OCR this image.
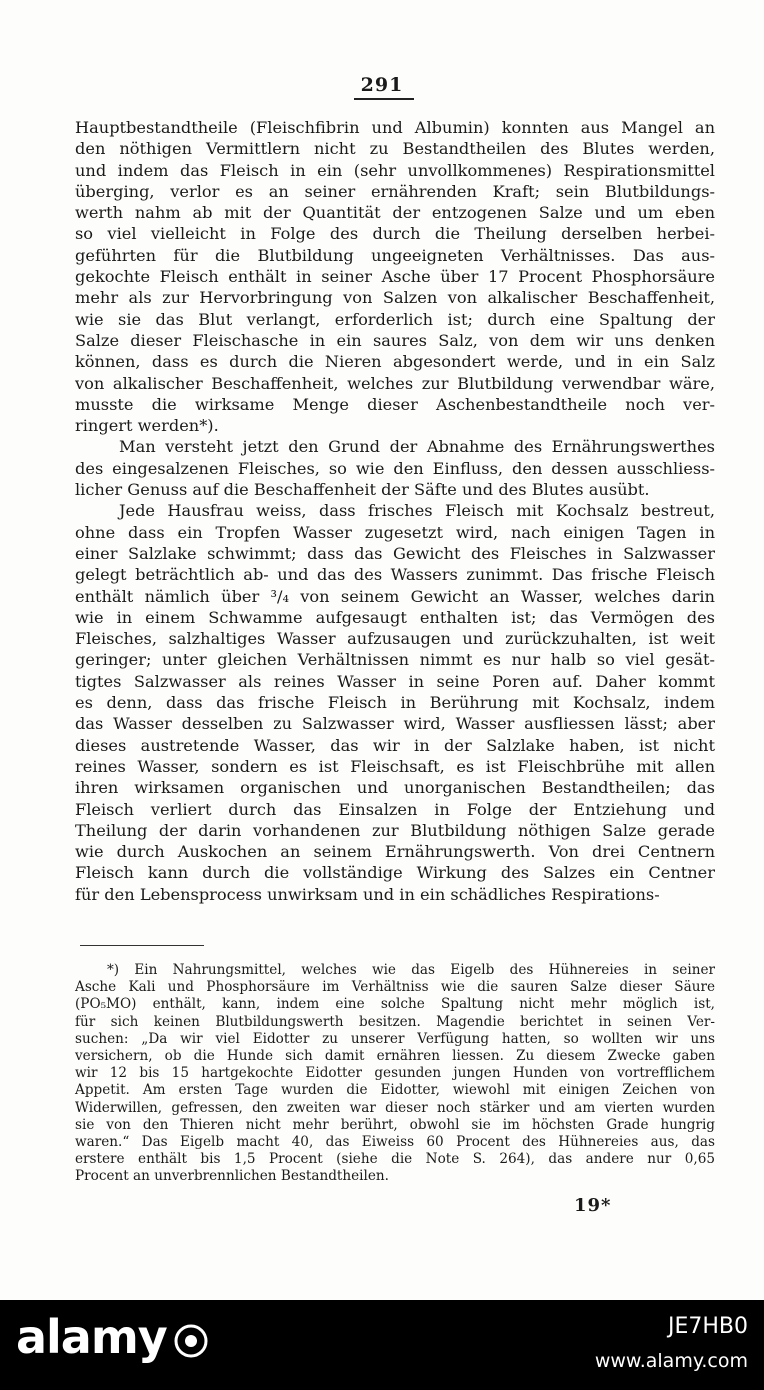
291
Hauptbestandtheile (Fleischfibrin und Albumin) konnten aus Mangel an
den nöthigen Vermittlern nicht zu Bestandtheilen des Blutes werden,
und indem das Fleisch in ein (sehr unvollkommenes) Respirationsmittel
überging, verlor es an seiner ernährenden Kraft; sein Blutbildungs-
werth nahm ab mit der Quantität der entzogenen Salze und um eben
so viel vielleicht in Folge des durch die Theilung derselben herbei-
geführten für die Blutbildung ungeeigneten Verhältnisses. Das aus-
gekochte Fleisch enthält in seiner Asche über 17 Procent Phosphorsäure
mehr als zur Hervorbringung von Salzen von alkalischer Beschaffenheit,
wie sie das Blut verlangt, erforderlich ist; durch eine Spaltung der
Salze dieser Fleischasche in ein saures Salz, von dem wir uns denken
können, dass es durch die Nieren abgesondert werde, und in ein Salz
von alkalischer Beschaffenheit, welches zur Blutbildung verwendbar wäre,
musste die wirksame Menge dieser Aschenbestandtheile noch ver-
ringert werden*).
Man versteht jetzt den Grund der Abnahme des Ernährungswerthes
des eingesalzenen Fleisches, so wie den Einfluss, den dessen ausschliess-
licher Genuss auf die Beschaffenheit der Säfte und des Blutes ausübt.
Jede Hausfrau weiss, dass frisches Fleisch mit Kochsalz bestreut,
ohne dass ein Tropfen Wasser zugesetzt wird, nach einigen Tagen in
einer Salzlake schwimmt; dass das Gewicht des Fleisches in Salzwasser
gelegt beträchtlich ab- und das des Wassers zunimmt. Das frische Fleisch
enthält nämlich über ³/₄ von seinem Gewicht an Wasser, welches darin
wie in einem Schwamme aufgesaugt enthalten ist; das Vermögen des
Fleisches, salzhaltiges Wasser aufzusaugen und zurückzuhalten, ist weit
geringer; unter gleichen Verhältnissen nimmt es nur halb so viel gesät-
tigtes Salzwasser als reines Wasser in seine Poren auf. Daher kommt
es denn, dass das frische Fleisch in Berührung mit Kochsalz, indem
das Wasser desselben zu Salzwasser wird, Wasser ausfliessen lässt; aber
dieses austretende Wasser, das wir in der Salzlake haben, ist nicht
reines Wasser, sondern es ist Fleischsaft, es ist Fleischbrühe mit allen
ihren wirksamen organischen und unorganischen Bestandtheilen; das
Fleisch verliert durch das Einsalzen in Folge der Entziehung und
Theilung der darin vorhandenen zur Blutbildung nöthigen Salze gerade
wie durch Auskochen an seinem Ernährungswerth. Von drei Centnern
Fleisch kann durch die vollständige Wirkung des Salzes ein Centner
für den Lebensprocess unwirksam und in ein schädliches Respirations-
*) Ein Nahrungsmittel, welches wie das Eigelb des Hühnereies in seiner
Asche Kali und Phosphorsäure im Verhältniss wie die sauren Salze dieser Säure
(PO₅MO) enthält, kann, indem eine solche Spaltung nicht mehr möglich ist,
für sich keinen Blutbildungswerth besitzen. Magendie berichtet in seinen Ver-
suchen: „Da wir viel Eidotter zu unserer Verfügung hatten, so wollten wir uns
versichern, ob die Hunde sich damit ernähren liessen. Zu diesem Zwecke gaben
wir 12 bis 15 hartgekochte Eidotter gesunden jungen Hunden von vortrefflichem
Appetit. Am ersten Tage wurden die Eidotter, wiewohl mit einigen Zeichen von
Widerwillen, gefressen, den zweiten war dieser noch stärker und am vierten wurden
sie von den Thieren nicht mehr berührt, obwohl sie im höchsten Grade hungrig
waren.“ Das Eigelb macht 40, das Eiweiss 60 Procent des Hühnereies aus, das
erstere enthält bis 1,5 Procent (siehe die Note S. 264), das andere nur 0,65
Procent an unverbrennlichen Bestandtheilen.
19*
alamy	JE7HB0
www.alamy.com
